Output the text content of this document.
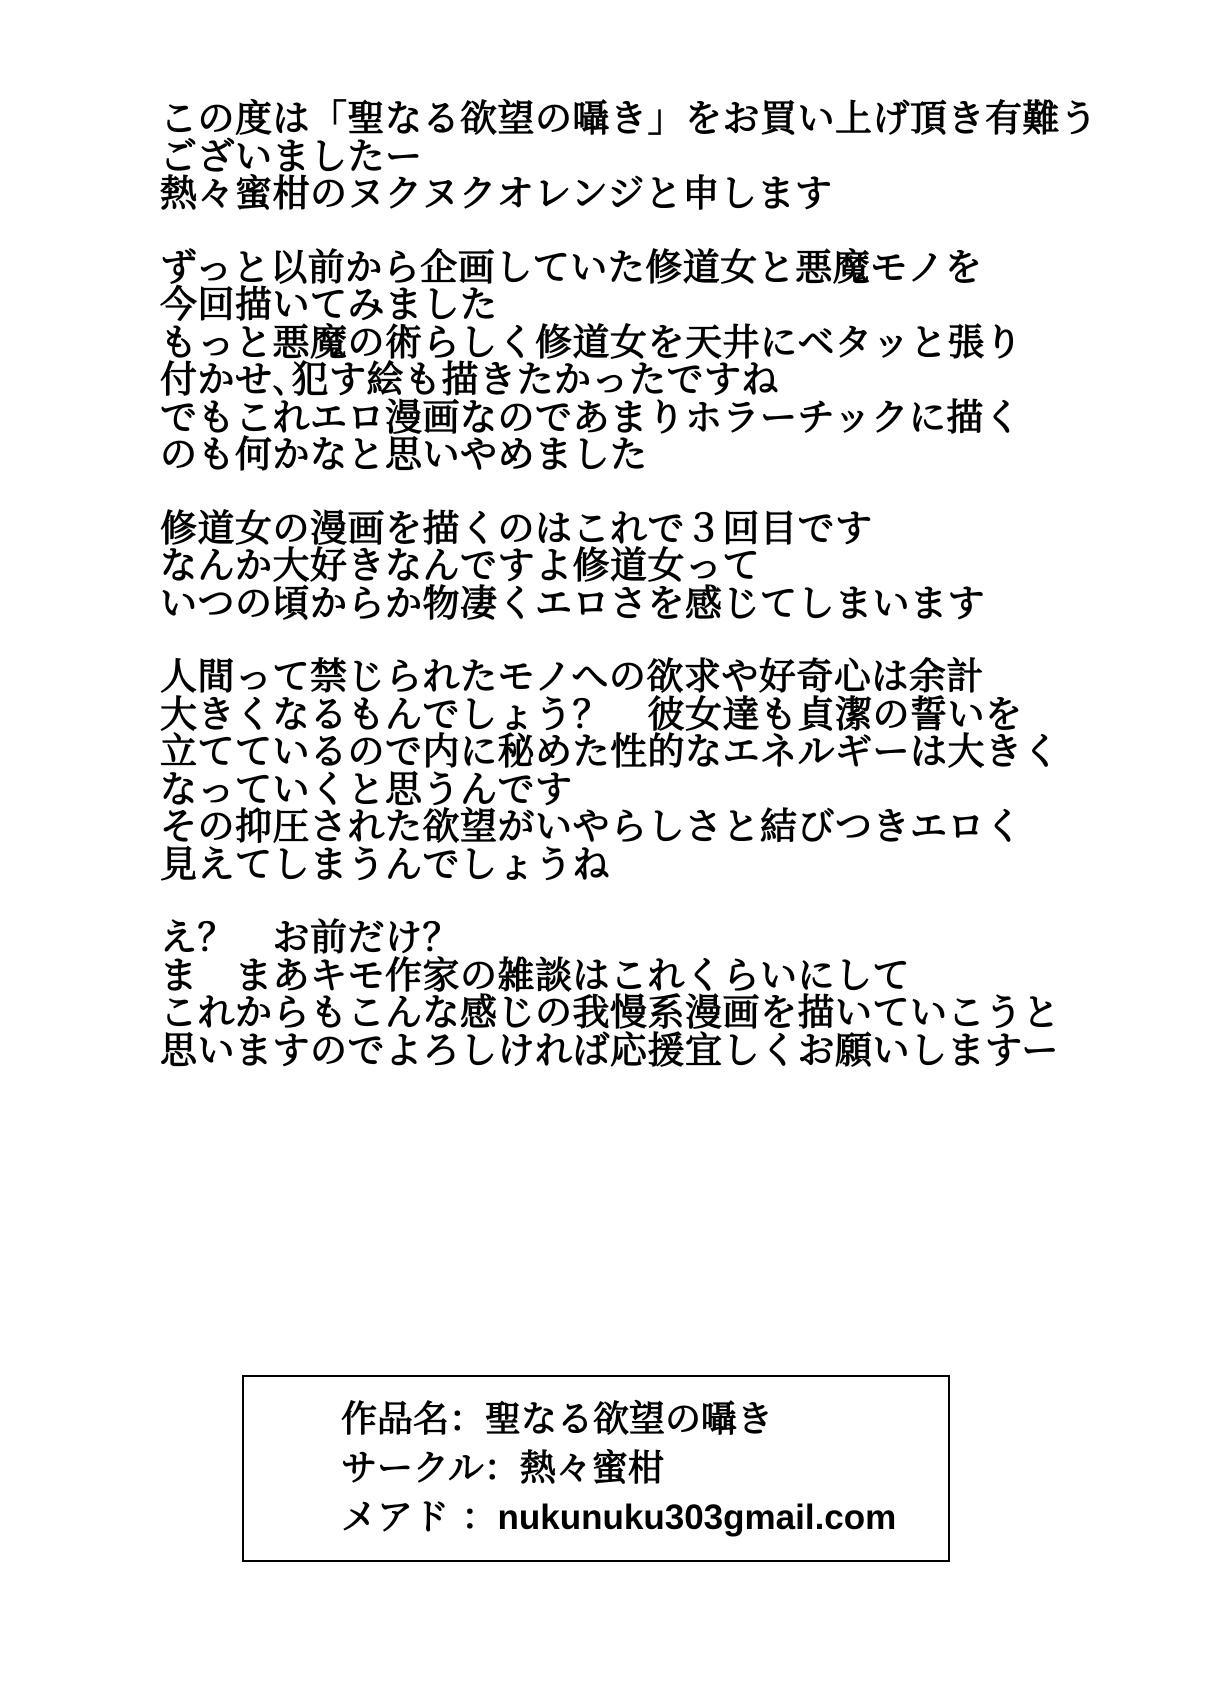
この度は「聖なる欲望の囁き」をお買い上げ頂き有難う
ございましたー
熱々蜜柑のヌクヌクオレンジと申します
ずっと以前から企画していた修道女と悪魔モノを
今回描いてみました
もっと悪魔の術らしく修道女を天井にベタッと張り
付かせ､犯す絵も描きたかったですね
でもこれエロ漫画なのであまりホラーチックに描く
のも何かなと思いやめました
修道女の漫画を描くのはこれで３回目です
なんか大好きなんですよ修道女って
いつの頃からか物凄くエロさを感じてしまいます
人間って禁じられたモノへの欲求や好奇心は余計
大きくなるもんでしょう？　彼女達も貞潔の誓いを
立てているので内に秘めた性的なエネルギーは大きく
なっていくと思うんです
その抑圧された欲望がいやらしさと結びつきエロく
見えてしまうんでしょうね
え？　お前だけ？
ま　まあキモ作家の雑談はこれくらいにして
これからもこんな感じの我慢系漫画を描いていこうと
思いますのでよろしければ応援宜しくお願いしますー
作品名：聖なる欲望の囁き
サークル：熱々蜜柑
メアド ：nukunuku303gmail.com
